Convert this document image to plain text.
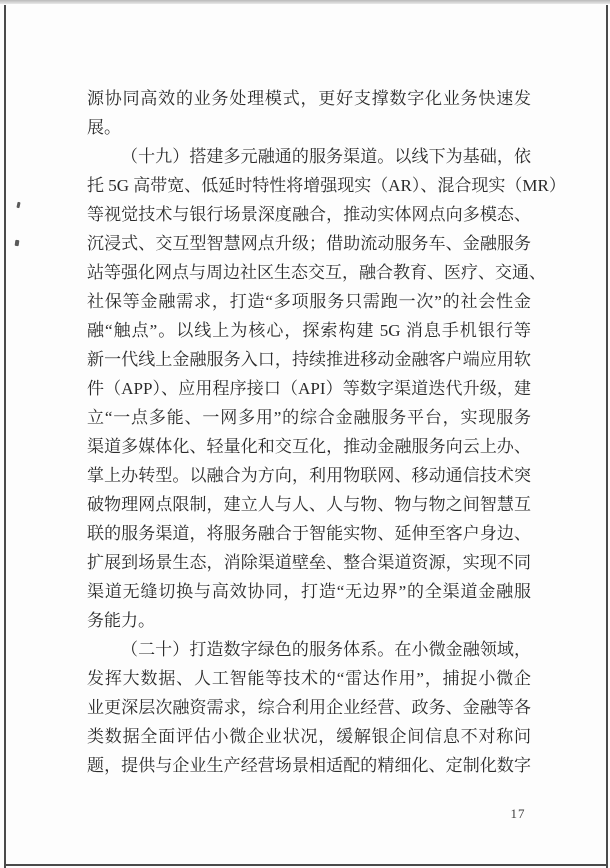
源协同高效的业务处理模式，更好支撑数字化业务快速发
展。
（十九）搭建多元融通的服务渠道。以线下为基础，依
托 5G 高带宽、低延时特性将增强现实（AR）、混合现实（MR）
等视觉技术与银行场景深度融合，推动实体网点向多模态、
沉浸式、交互型智慧网点升级；借助流动服务车、金融服务
站等强化网点与周边社区生态交互，融合教育、医疗、交通、
社保等金融需求，打造“多项服务只需跑一次”的社会性金
融“触点”。以线上为核心，探索构建 5G 消息手机银行等
新一代线上金融服务入口，持续推进移动金融客户端应用软
件（APP）、应用程序接口（API）等数字渠道迭代升级，建
立“一点多能、一网多用”的综合金融服务平台，实现服务
渠道多媒体化、轻量化和交互化，推动金融服务向云上办、
掌上办转型。以融合为方向，利用物联网、移动通信技术突
破物理网点限制，建立人与人、人与物、物与物之间智慧互
联的服务渠道，将服务融合于智能实物、延伸至客户身边、
扩展到场景生态，消除渠道壁垒、整合渠道资源，实现不同
渠道无缝切换与高效协同，打造“无边界”的全渠道金融服
务能力。
（二十）打造数字绿色的服务体系。在小微金融领域，
发挥大数据、人工智能等技术的“雷达作用”，捕捉小微企
业更深层次融资需求，综合利用企业经营、政务、金融等各
类数据全面评估小微企业状况，缓解银企间信息不对称问
题，提供与企业生产经营场景相适配的精细化、定制化数字
17
